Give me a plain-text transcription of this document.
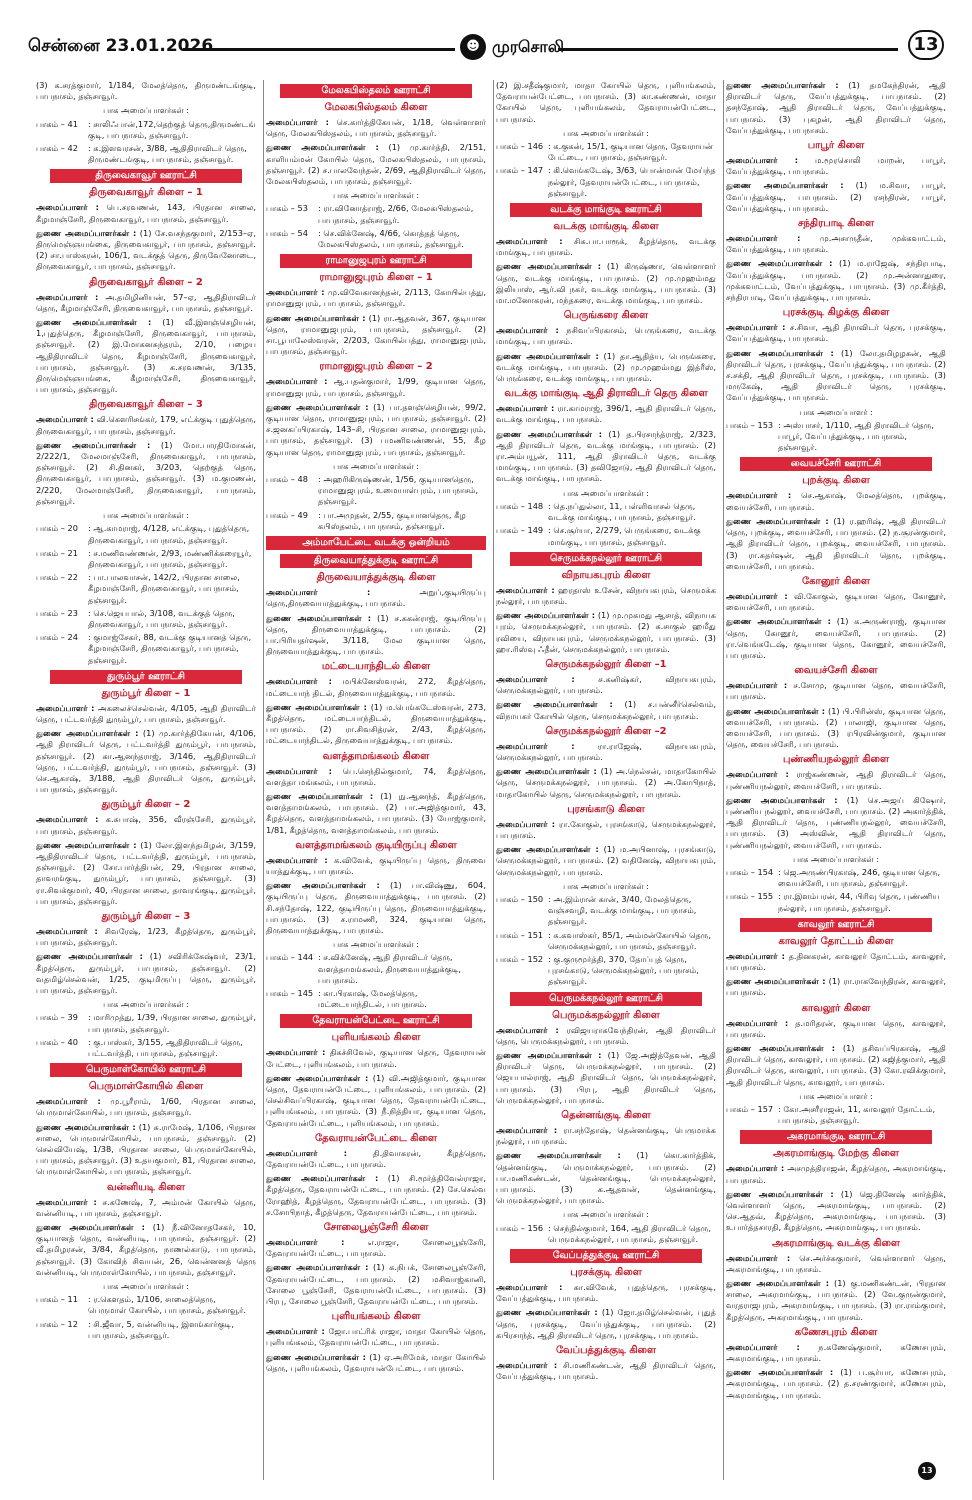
சென்னை 23.01.2026	☻ முரசொலி	13
(3) க.சரத்குமார், 1/184, மேலத்தெரு, திருமண்டங்குடி, பாபநாசம், தஞ்சாவூர்.
பாக அமைப்பாளர்கள் :
பாகம் – 41	: சாலிஃபான்,172,தெற்குத் தெரு,திருமண்டங் குடி, பாபநாசம், தஞ்சாவூர்.
பாகம் – 42	: க.இளவரசன், 3/88, ஆதிதிராவிடர் தெரு, திருமண்டங்குடி, பாபநாசம், தஞ்சாவூர்.
திருவைகாவூர் ஊராட்சி
திருவைகாவூர் கிளை – 1
அமைப்பாளர் : பெ.சரவணன், 143, பிரதான சாலை, கீழமாஞ்சேரி, திருவைகாவூர், பாபநாசம், தஞ்சாவூர்.
துணை அமைப்பாளர்கள் : (1) சே.வசந்தகுமார், 2/153–ஏ, திருமெஞ்ஞயங்கை, திருவைகாவூர், பாபநாசம், தஞ்சாவூர். (2) சா.பாஸ்கரன், 106/1, வடக்குத் தெரு, திருவேனோடை, திருவைகாவூர், பாபநாசம், தஞ்சாவூர்.
திருவைகாவூர் கிளை – 2
அமைப்பாளர் : அ.தமிழினியன், 57–ஏ, ஆதிதிராவிடர் தெரு, கீழமாஞ்சேரி, திருவைகாவூர், பாபநாசம், தஞ்சாவூர்.
துணை அமைப்பாளர்கள் : (1) வீ.இளஞ்செழியன், 1,புதுத்தெரு, கீழமாஞ்சேரி, திருவைகாவூர், பாபநாசம், தஞ்சாவூர். (2) இ.மோகனசுந்தரம், 2/10, பழைய ஆதிதிராவிடர் தெரு, கீழமாஞ்சேரி, திருவைகாவூர், பாபநாசம், தஞ்சாவூர். (3) க.சரவணன், 3/135, திருமெஞ்ஞயங்கை, கீழமாஞ்சேரி, திருவைகாவூர், பாபநாசம், தஞ்சாவூர்.
திருவைகாவூர் கிளை – 3
அமைப்பாளர் : வி.கௌரிசங்கர், 179, எட்க்குடி புதுத்தெரு, திருவைகாவூர், பாபநாசம், தஞ்சாவூர்.
துணை அமைப்பாளர்கள் : (1) மோ.பாரதிமோகன், 2/222/1, மேலமாஞ்சேரி, திருவைகாவூர், பாபநாசம், தஞ்சாவூர். (2) சி.தினகர், 3/203, தெற்குத் தெரு, திருவைகாவூர், பாபநாசம், தஞ்சாவூர். (3) ம.குமணன், 2/220, மேலமாஞ்சேரி, திருவைகாவூர், பாபநாசம், தஞ்சாவூர்.
பாக அமைப்பாளர்கள் :
பாகம் – 20	: ஆ.காமராஜ், 4/128, எட்க்குடி, புதுத்தெரு, திருவைகாவூர், பாபநாசம், தஞ்சாவூர்.
பாகம் – 21	: ச.மணிவண்ணன், 2/93, மண்ணிக்கரையூர், திருவைகாவூர், பாபநாசம், தஞ்சாவூர்.
பாகம் – 22	: பா.பாலவாசன், 142/2, பிரதான சாலை, கீழமாஞ்சேரி, திருவைகாவூர், பாபநாசம், தஞ்சாவூர்.
பாகம் – 23	: செ.ஜெயபால், 3/108, வடக்குத் தெரு, திருவைகாவூர், பாபநாசம், தஞ்சாவூர்.
பாகம் – 24	: குமாஜ்சேகர், 88, வடக்கு குடியானத் தெரு, கீழமாஞ்சேரி, திருவைகாவூர், பாபநாசம், தஞ்சாவூர்.
துரும்பூர் ஊராட்சி
துரும்பூர் கிளை – 1
அமைப்பாளர் : அகலைச்செல்வன், 4/105, ஆதி திராவிடர் தெரு, பட்டவர்த்தி துரும்பூர், பாபநாசம், தஞ்சாவூர்.
துணை அமைப்பாளர்கள் : (1) மு.கார்த்திகேயன், 4/106, ஆதி திராவிடர் தெரு, பட்டவர்த்தி துரும்பூர், பாபநாசம், தஞ்சாவூர். (2) கா.ஆனந்தராஜ், 3/146, ஆதிதிராவிடர் தெரு, பட்டவர்த்தி, துரும்பூர், பாபநாசம், தஞ்சாவூர். (3) செ.ஆகாஷ், 3/188, ஆதி திராவிடர் தெரு, துரும்பூர், பாபநாசம், தஞ்சாவூர்.
துரும்பூர் கிளை – 2
அமைப்பாளர் : க.சுபாஷ், 356, வீரஞ்சேரி, துரும்பூர், பாபநாசம், தஞ்சாவூர்.
துணை அமைப்பாளர்கள் : (1) லோ.இளந்தமிழன், 3/159, ஆதிதிராவிடர் தெரு, பட்டவர்த்தி, துரும்பூர், பாபநாசம், தஞ்சாவூர். (2) சோ.பார்த்திபன், 29, பிரதான சாலை, தாவரங்குடி, துரும்பூர், பாபநாசம், தஞ்சாவூர். (3) ரா.சிவக்குமார், 40, பிரதான சாலை, தாவரங்குடி, துரும்பூர், பாபநாசம், தஞ்சாவூர்.
துரும்பூர் கிளை – 3
அமைப்பாளர் : சிவரேஷ், 1/23, கீழத்தெரு, துரும்பூர், பாபநாசம், தஞ்சாவூர்.
துணை அமைப்பாளர்கள் : (1) சவிரிக்கேஷ்வர், 23/1, கீழத்தெரு, துரும்பூர், பாபநாசம், தஞ்சாவூர். (2) வதமிழ்செல்வன், 1/25, குடிமிருப்பு தெரு, துரும்பூர், பாபநாசம், தஞ்சாவூர்.
பாக அமைப்பாளர்கள் :
பாகம் – 39	: மாரிமுத்து, 1/39, பிரதான சாலை, துரும்பூர், பாபநாசம், தஞ்சாவூர்.
பாகம் – 40	: கு.பாஸ்கர், 3/155, ஆதிதிராவிடர் தெரு, பட்டவர்த்தி, பாபநாசம், தஞ்சாவூர்.
பெருமாள்கோயில் ஊராட்சி
பெருமாள்கோயில் கிளை
அமைப்பாளர் : மு.பூரீராம், 1/60, பிரதான சாலை, பெருமாள்கோயில், பாபநாசம், தஞ்சாவூர்.
துணை அமைப்பாளர்கள் : (1) சு.ராமேஷ், 1/106, பிரதான சாலை, பெருமாள்கோயில், பாபநாசம், தஞ்சாவூர். (2) செல்வியேஷ், 1/38, பிரதான சாலை, பெருமாள்கோயில், பாபநாசம், தஞ்சாவூர். (3) உதயகுமார், 81, பிரதான சாலை, பெருமாள்கோயில், பாபநாசம், தஞ்சாவூர்.
வன்னியடி கிளை
அமைப்பாளர் : ச.கணேஷ், 7, அம்மன் கோயில் தெரு, வன்னியடி, பாபநாசம், தஞ்சாவூர்.
துணை அமைப்பாளர்கள் : (1) நீ.வினோதசேகர், 10, குடியானத் தெரு, வன்னியடி, பாபநாசம், தஞ்சாவூர். (2) வீ.தமிழரசன், 3/84, கீழத்தெரு, நாணல்காடு, பாபநாசம், தஞ்சாவூர். (3) கோவிந் சிவயன், 26, வென்னனத் தெரு வன்னியடி, பெருமாள்கோயில், பாபநாசம், தஞ்சாவூர்.
பாக அமைப்பாளர்கள் :
பாகம் – 11	: ர.கௌதம், 1/106, சாலைத்தெரு, பெருமாள் கோயில், பாபநாசம், தஞ்சாவூர்.
பாகம் – 12	: சி.ஜீவா, 5, வன்னியடி, இளங்கார்குடி, பாபநாசம், தஞ்சாவூர்.
மேலகபிஸ்தலம் ஊராட்சி
மேலகபிஸ்தலம் கிளை
அமைப்பாளர் : செ.கார்த்திகேயன், 1/18, வெள்ளாளர் தெரு, மேலகபிஸ்தலம், பாபநாசம், தஞ்சாவூர்.
துணை அமைப்பாளர்கள் : (1) மு.கார்த்தி, 2/151, காளியம்மன் கோயில் தெரு, மேலகபிஸ்தலம், பாபநாசம், தஞ்சாவூர். (2) ச.பாலவேந்தன், 2/69, ஆதிதிராவிடர் தெரு, மேலகபிஸ்தலம், பாபநாசம், தஞ்சாவூர்.
பாக அமைப்பாளர்கள் :
பாகம் – 53	: ரா.வினோத்ராஜ், 2/66, மேலகபிஸ்தலம், பாபநாசம், தஞ்சாவூர்.
பாகம் – 54	: செ.விக்னேஷ், 4/66, கொத்தத் தெரு, மேலகபிஸ்தலம், பாபநாசம், தஞ்சாவூர்.
ராமானுஜபுரம் ஊராட்சி
ராமானுஜபுரம் கிளை – 1
அமைப்பாளர் : மு.விவேகானந்தன், 2/113, கோயில்பத்து, ராமானுஜபுரம், பாபநாசம், தஞ்சாவூர்.
துணை அமைப்பாளர்கள் : (1) ரா.ஆதவன், 367, குடியான தெரு, ராமானுஜபுரம், பாபநாசம், தஞ்சாவூர். (2) சா.பூபாலேஸ்வரன், 2/203, கோயில்பத்து, ராமானுஜபுரம், பாபநாசம், தஞ்சாவூர்.
ராமானுஜபுரம் கிளை – 2
அமைப்பாளர் : ஆ.பதன்குமார், 1/99, குடியான தெரு, ராமானுஜபுரம், பாபநாசம், தஞ்சாவூர்.
துணை அமைப்பாளர்கள் : (1) பா.தளஞ்செழியன், 99/2, குடியான தெரு, ராமானுஜபுரம், பாபநாசம், தஞ்சாவூர். (2) ச.ஜனகப்பிரகாஷ், 143–சி, பிரதான சாலை, ராமானுஜபுரம், பாபநாசம், தஞ்சாவூர். (3) பமணிவண்ணன், 55, கீழ குடியான தெரு, ராமானுஜபுரம், பாபநாசம், தஞ்சாவூர்.
பாக அமைப்பாளர்கள் :
பாகம் – 48	: அஹரிகிருஷ்ணன், 1/56, குடியானதெரு, ராமானுஜபுரம், உமையாள்புரம், பாபநாசம், தஞ்சாவூர்.
பாகம் – 49	: பா.அமுதன், 2/55, குடியானதெரு, கீழ கபிஸ்தலம், பாபநாசம், தஞ்சாவூர்.
அம்மாபேட்டை வடக்கு ஒன்றியம்
திருவையாத்துக்குடி ஊராட்சி
திருவையாத்துக்குடி கிளை
அமைப்பாளர் : அறுப்,குடியிருப்பு தெரு,திருவையாத்துக்குடி, பாபநாசம்.
துணை அமைப்பாளர்கள் : (1) ச.சுகன்ராஜ், குடியிருப்பு தெரு, திருவையாத்துக்குடி, பாபநாசம். (2) பா.பிரியதர்ஷன், 3/118, மேல குடியான தெரு, திருவையாத்துக்குடி, பாபநாசம்.
மட்டையாந்திடல் கிளை
அமைப்பாளர் : மபிக்னேஸ்வரன், 272, கீழத்தெரு, மட்டையாந் திடல், திருவையாத்துக்குடி, பாபநாசம்.
துணை அமைப்பாளர்கள் : (1) ம.பெங்கடேஸ்வரன், 273, கீழத்தெரு, மட்டையாந்திடல், திருவையாத்துக்குடி, பாபநாசம். (2) ரா.சிவசித்ரன், 2/43, கீழத்தெரு, மட்டையாந்திடல், திருவையாத்துக்குடி, பாபநாசம்.
வளத்தாமங்கலம் கிளை
அமைப்பாளர் : பெ.செந்தில்குமார், 74, கீழத்தெரு, வளத்தா மங்கலம், பாபநாசம்.
துணை அமைப்பாளர்கள் : (1) நு.ஆனந்த், கீழத்தெரு, வளத்தாமங்கலம், பாபநாசம். (2) பா.அஜித்குமார், 43, கீழத்தெரு, வளத்தாமங்கலம், பாபநாசம். (3) யோஜ்குமார், 1/81, கீழத்தெரு, வளத்தாமங்கலம், பாபநாசம்.
வளத்தாமங்கலம் குடியிருப்பு கிளை
அமைப்பாளர் : க.விவேக், குடியிருப்பு தெரு, திருவை யாத்துக்குடி, பாபநாசம்.
துணை அமைப்பாளர்கள் : (1) பா.விஷ்ணு, 604, குடியிருப்பு தெரு, திருவையாத்துக்குடி, பாபநாசம். (2) சி.சந்தோஷ், 122, குடியிருப்பு தெரு, திருவையாத்துக்குடி, பாபநாசம். (3) ச.ராமணி, 324, குடியான தெரு, திருவையாத்துக்குடி, பாபநாசம்.
பாக அமைப்பாளர்கள் :
பாகம் – 144 : ச.விக்னேஷ், ஆதி திராவிடர் தெரு, வளத்தாமங்கலம், திருவையாத்துக்குடி, பாபநாசம்.
பாகம் – 145 : கா.பிரகாஷ், மேலத்தெரு, மட்டையாந்திடல், பாபநாசம்.
தேவராயன்பேட்டை ஊராட்சி
புளியங்கலம் கிளை
அமைப்பாளர் : திகச்சிவேல், குடியான தெரு, தேவராயன் பேட்டை, புளியங்கலம், பாபநாசம்.
துணை அமைப்பாளர்கள் : (1) வி.அஜித்குமார், குடியான தெரு, தேவராயன்பேட்டை, புளியங்கலம், பாபநாசம். (2) செல்சிவப்பிரகாஷ், குடியான தெரு, தேவராயன்பேட்டை, புளியங்கலம், பாபநாசம். (3) நீ.நித்தியா, குடியான தெரு, தேவராயன்பேட்டை, புளியங்கலம், பாபநாசம்.
தேவராயன்பேட்டை கிளை
அமைப்பாளர் : தி.திவாகரன், கீழத்தெரு, தேவராயன்பேட்டை, பாபநாசம்.
துணை அமைப்பாளர்கள் : (1) சி.மூர்த்திவேல்ராஜா, கீழத்தெரு, தேவராயன்பேட்டை, பாபநாசம். (2) சே.செல்வ ரோஹித், கீழத்தெரு, தேவராயன்பேட்டை, பாபநாசம். (3) ச.சோபிநாத், கீழத்தெரு, தேவராயன்பேட்டை, பாபநாசம்.
சோலைபூஞ்சேரி கிளை
அமைப்பாளர் : எ.ராஜா, சோலைபூஞ்சேரி, தேவராயன்பேட்டை, பாபநாசம்.
துணை அமைப்பாளர்கள் : (1) க.நிபக், சோலைபூஞ்சேரி, தேவராயன்பேட்டை, பாபநாசம். (2) மசிவாஜ்கானி, சோலை பூஞ்சேரி, தேவராயன்பேட்டை, பாபநாசம். (3) பிரபு, சோலை பூஞ்சேரி, தேவராயன்பேட்டை, பாபநாசம்.
புளியங்கலம் கிளை
அமைப்பாளர் : ஜோ.பாட்ரிக் ராஜா, மாதா கோயில் தெரு, புளியங்கலம், தேவராயன்பேட்டை, பாபநாசம்.
துணை அமைப்பாளர்கள் : (1) ஏ.அரிமேக், மாதா கோயில் தெரு, புளியங்கலம், தேவராயன்பேட்டை, பாபநாசம்.
(2) இ.சதீஷ்குமார், மாதா கோயில் தெரு, புளியங்கலம், தேவராயன்பேட்டை, பாபநாசம். (3) கா.கண்ணன், மாதா கோயில் தெரு, புளியங்கலம், தேவராயன்பேட்டை, பாபநாசம்.
பாக அமைப்பாளர்கள் :
பாகம் – 146 : க.குகன், 15/1, குடியான தெரு, தேவராயன் பேட்டை, பாபநாசம், தஞ்சாவூர்.
பாகம் – 147 : கி.வெங்கடேஷ், 3/63, பொன்மான் மேய்ந்த நல்லூர், தேவராயன்பேட்டை, பாபநாசம், தஞ்சாவூர்.
வடக்கு மாங்குடி ஊராட்சி
வடக்கு மாங்குடி கிளை
அமைப்பாளர் : சிக.பா.பாரூக், கீழத்தெரு, வடக்கு மாங்குடி, பாபநாசம்.
துணை அமைப்பாளர்கள் : (1) கிருஷ்ணா, வெள்ளாளர் தெரு, வடக்கு மாங்குடி, பாபநாசம். (2) மு.முஹம்மது இலியாஸ், ஆர்.வி நகர், வடக்கு மாங்குடி, பாபநாசம். (3) மா.மனோகரன், மந்தகரை, வடக்கு மாங்குடி, பாபநாசம்.
பெருங்கரை கிளை
அமைப்பாளர் : நசிவப்பிரகாசம், பெருங்கரை, வடக்கு மாங்குடி, பாபநாசம்.
துணை அமைப்பாளர்கள் : (1) தா.ஆதித்ய, பெருங்கரை, வடக்கு மாங்குடி, பாபநாசம். (2) மு.முஹம்மது இத்ரீஸ், பெருங்கரை, வடக்கு மாங்குடி, பாபநாசம்.
வடக்கு மாங்குடி ஆதி திராவிடர் தெரு கிளை
அமைப்பாளர் : ரா.காமராஜ், 396/1, ஆதி திராவிடர் தெரு, வடக்கு மாங்குடி, பாபநாசம்.
துணை அமைப்பாளர்கள் : (1) த.பிரசாந்த்ராஜ், 2/323, ஆதி திராவிடர் தெரு, வடக்கு மாங்குடி, பாபநாசம். (2) ரா.அம்பயூன், 111, ஆதி திராவிடர் தெரு, வடக்கு மாங்குடி, பாபநாசம். (3) தவிஜோடு, ஆதி திராவிடர் தெரு, வடக்கு மாங்குடி, பாபநாசம்.
பாக அமைப்பாளர்கள் :
பாகம் – 148 : தெ.நப்துல்லா, 11, பள்ளிவாசல் தெரு, வடக்கு மாங்குடி, பாபநாசம், தஞ்சாவூர்.
பாகம் – 149 : செ.சூர்யா, 2/279, பெருங்கரை, வடக்கு மாங்குடி, பாபநாசம், தஞ்சாவூர்.
செருமக்கநல்லூர் ஊராட்சி
விநாயகபுரம் கிளை
அமைப்பாளர் : ஹரதாஸ் உசேன், விநாயகபுரம், செருமக்க நல்லூர், பாபநாசம்.
துணை அமைப்பாளர்கள் : (1) மு.முகமது ஆசாத், விநாயக புரம், செருமக்கநல்லூர், பாபநாசம். (2) க.சாகுல் ஹமீது ரவியை, விநாயகபுரம், செருமக்கநல்லூர், பாபநாசம். (3) ஹா.ரிஸ்வு ஃதீன், செருமக்கநல்லூர், பாபநாசம்.
செருமக்கநல்லூர் கிளை –1
அமைப்பாளர் : ச.கனிஷ்கர், விநாயகபுரம், செருமக்கநல்லூர், பாபநாசம்.
துணை அமைப்பாளர்கள் : (1) ச.பன்னீர்செல்வம், விநாயகர் கோயில் தெரு, செருமக்கநல்லூர், பாபநாசம்.
செருமக்கநல்லூர் கிளை –2
அமைப்பாளர் : ரா.ராஜேஷ், விநாயகபுரம், செருமக்கநல்லூர், பாபநாசம்.
துணை அமைப்பாளர்கள் : (1) அ.நெல்சன், மாதாகோயில் தெரு, செருமக்கநல்லூர், பாபநாசம். (2) அ.கோபிநாத், மாதாகோயில் தெரு, செருமக்கநல்லூர், பாபநாசம்.
புரசங்காடு கிளை
அமைப்பாளர் : ரா.கோகுல், புரசங்காடு, செருமக்கநல்லூர், பாபநாசம்.
துணை அமைப்பாளர்கள் : (1) ம.அபினாஷ், புரசங்காடு, செருமக்கநல்லூர், பாபநாசம். (2) வதினேஷ், விநாயகபுரம், செருமக்கநல்லூர், பாபநாசம்.
பாக அமைப்பாளர்கள் :
பாகம் – 150 : அ.இம்ரான் கான், 3/40, மேலத்தெரு, வஞ்சவழி, வடக்கு மாங்குடி, பாபநாசம், தஞ்சாவூர்.
பாகம் – 151 : சு.கவாஸ்கர், 85/1, அம்மன்கோயில் தெரு, செருமக்கநல்லூர், பாபநாசம், தஞ்சாவூர்.
பாகம் – 152 : கு.குருமூர்த்தி, 370, தோப்புத் தெரு, புரசங்காடு, செருமக்கநல்லூர், பாபநாசம், தஞ்சாவூர்.
பெருமக்கநல்லூர் ஊராட்சி
பெருமக்கநல்லூர் கிளை
அமைப்பாளர் : ரவிஜயராகவேந்திரன், ஆதி திராவிடர் தெரு, பெருமக்கநல்லூர், பாபநாசம்.
துணை அமைப்பாளர்கள் : (1) ஜே.அஜித்தேவன், ஆதி திராவிடர் தெரு, பெருமக்கநல்லூர், பாபநாசம். (2) ஜெயபால்ராஜ், ஆதி திராவிடர் தெரு, பெருமக்கநல்லூர், பாபநாசம். (3) பிரபு, ஆதி திராவிடர் தெரு, பெருமக்கநல்லூர், பாபநாசம்.
தென்னங்குடி கிளை
அமைப்பாளர் : ரா.சந்தோஷ், தென்னங்குடி, பெருமாக்க நல்லூர், பாபநாசம்.
துணை அமைப்பாளர்கள் : (1) கொ.கார்த்திக், தென்னங்குடி, பெருமாக்கநல்லூர், பாபநாசம். (2) பா.மணிகண்டன், தென்னங்குடி, பெருமக்கநல்லூர், பாபநாசம். (3) க.ஆதவன், தென்னங்குடி, பெருமக்கநல்லூர், பாபநாசம்.
பாக அமைப்பாளர்கள் :
பாகம் – 156 : செந்தில்குமார், 164, ஆதி திராவிடர் தெரு, பெருமக்கநல்லூர், பாபநாசம், தஞ்சாவூர்.
வேப்பத்துக்குடி ஊராட்சி
புரசக்குடி கிளை
அமைப்பாளர் : கா.விவேக், புதுத்தெரு, புரசக்குடி, வேப்பத்துக்குடி, பாபநாசம்.
துணை அமைப்பாளர்கள் : (1) ஜோ.தமிழ்செல்வன், புதுத் தெரு, புரசக்குடி, வேப்பத்துக்குடி, பாபநாசம். (2) கபிரசாந்த், ஆதி திராவிடர் தெரு, புரசக்குடி, பாபநாசம்.
வேப்பத்துக்குடி கிளை
அமைப்பாளர் : சி.மணிகண்டன், ஆதி திராவிடர் தெரு, வேப்பத்துக்குடி, பாபநாசம்.
துணை அமைப்பாளர்கள் : (1) தமகேந்திரன், ஆதி திராவிடர் தெரு, வேப்பத்துக்குடி, பாபநாசம். (2) தசந்தோஷ், ஆதி திராவிடர் தெரு, வேப்பத்துக்குடி, பாபநாசம். (3) புகழன், ஆதி திராவிடர் தெரு, வேப்பத்துக்குடி, பாபநாசம்.
பாபூர் கிளை
அமைப்பாளர் : ம.மூரசொலி மாறன், பாபூர், வேப்பத்துக்குடி, பாபநாசம்.
துணை அமைப்பாளர்கள் : (1) ம.சிவா, பாபூர், வேப்பத்துக்குடி, பாபநாசம். (2) ரசந்திரன், பாபூர், வேப்பத்துக்குடி, பாபநாசம்.
சந்திரபாடி கிளை
அமைப்பாளர் : மு.அசாருதீன், முக்கவாட்டம், வேப்பத்துக்குடி, பாபநாசம்.
துணை அமைப்பாளர்கள் : (1) ம.ராஜேஷ், சந்திரபாடி, வேப்பத்துக்குடி, பாபநாசம். (2) மு.அன்னாதுரை, முக்கவாட்டம், வேப்பத்துக்குடி, பாபநாசம். (3) மு.கீர்த்தி, சந்திரபாடி, வேப்பத்துக்குடி, பாபநாசம்.
புரசக்குடி கிழக்கு கிளை
அமைப்பாளர் : ச.சிவா, ஆதி திராவிடர் தெரு, புரசக்குடி, வேப்பத்துக்குடி, பாபநாசம்.
துணை அமைப்பாளர்கள் : (1) லோ.தமிழழகன், ஆதி திராவிடர் தெரு, புரசக்குடி, வேப்பத்துக்குடி, பாபநாசம். (2) ச.சக்தி, ஆதி திராவிடர் தெரு, புரசக்குடி, பாபநாசம். (3) மருகேஷ், ஆதி திராவிடர் தெரு, புரசக்குடி, வேப்பத்துக்குடி, பாபநாசம்.
பாக அமைப்பாளர் :
பாகம் – 153 : அஸ்பாசர், 1/110, ஆதி திராவிடர் தெரு, பாபூர், வேப்பத்துக்குடி, பாபநாசம், தஞ்சாவூர்.
வையச்சேரி ஊராட்சி
புறக்குடி கிளை
அமைப்பாளர் : செ.ஆகாஷ், மேலத்தெரு, புறக்குடி, வையச்சேரி, பாபநாசம்.
துணை அமைப்பாளர்கள் : (1) ர.ஹரிஷ், ஆதி திராவிடர் தெரு, புறக்குடி, வையச்சேரி, பாபநாசம். (2) ந.சூரன்குமார், ஆதி திராவிடர் தெரு, புறக்குடி, வையச்சேரி, பாபநாசம். (3) ரா.சுதர்ஷன், ஆதி திராவிடர் தெரு, புறக்குடி, வையச்சேரி, பாபநாசம்.
கோனூர் கிளை
அமைப்பாளர் : வி.கோகுல், குடியான தெரு, கோனூர், வையச்சேரி, பாபநாசம்.
துணை அமைப்பாளர்கள் : (1) க.அருண்ராஜ், குடியான தெரு, கோனூர், வையச்சேரி, பாபநாசம். (2) ரா.வெங்கடேஷ், குடியான தெரு, கோனூர், வையச்சேரி, பாபநாசம்.
வையச்சேரி கிளை
அமைப்பாளர் : ச.சோமு, குடியான தெரு, வையச்சேரி, பாபநாசம்.
துணை அமைப்பாளர்கள் : (1) பி.பிரின்ஸ், குடியான தெரு, வையச்சேரி, பாபநாசம். (2) பாலாஜி, குடியான தெரு, வையச்சேரி, பாபநாசம். (3) ரபிரவின்குமார், குடியான தெரு, வையச்சேரி, பாபநாசம்.
புண்ணியநல்லூர் கிளை
அமைப்பாளர் : ராஜ்கண்ணன், ஆதி திராவிடர் தெரு, புண்ணியநல்லூர், வையச்சேரி, பாபநாசம்.
துணை அமைப்பாளர்கள் : (1) செ.அஜய் கிஷோர், புண்ணிய நல்லூர், வையச்சேரி, பாபநாசம். (2) அகார்த்திக், ஆதி திராவிடர் தெரு, புண்ணியநல்லூர், வையச்சேரி, பாபநாசம். (3) அஸ்வின், ஆதி திராவிடர் தெரு, புண்ணியநல்லூர், வையச்சேரி, பாபநாசம்.
பாக அமைப்பாளர்கள் :
பாகம் – 154 : ஜெ.அருண்பிரகாஷ், 246, குடியான தெரு, வையச்சேரி, பாபநாசம், தஞ்சாவூர்.
பாகம் – 155 : ரா.இளம்பரன், 44, பிரிவு தெரு, புண்ணிய நல்லூர், பாபநாசம், தஞ்சாவூர்.
காவலூர் ஊராட்சி
காவலூர் தோட்டம் கிளை
அமைப்பாளர் : த.தினகரன், காவலூர் தோட்டம், காவலூர், பாபநாசம்.
துணை அமைப்பாளர்கள் : (1) ரா.ராகவேந்திரன், காவலூர், பாபநாசம்.
காவலூர் கிளை
அமைப்பாளர் : த.மரிதரன், குடியான தெரு, காவலூர், பாபநாசம்.
துணை அமைப்பாளர்கள் : (1) தசிவப்பிரகாஷ், ஆதி திராவிடர் தெரு, காவலூர், பாபநாசம். (2) சுஜித்குமார், ஆதி திராவிடர் தெரு, காவலூர், பாபநாசம். (3) கோ.ரவிக்குமார், ஆதி திராவிடர் தெரு, காவலூர், பாபநாசம்.
பாக அமைப்பாளர் :
பாகம் – 157 : கோ.அசரீராஜன், 11, காவலூர் தோட்டம், பாபநாசம், தஞ்சாவூர்.
அகரமாங்குடி ஊராட்சி
அகரமாங்குடி மேற்கு கிளை
அமைப்பாளர் : அசமுத்திராஜன், கீழத்தெரு, அகரமாங்குடி, பாபநாசம்.
துணை அமைப்பாளர்கள் : (1) ஜெ.தினேஷ் கார்த்திக், வெள்ளாளர் தெரு, அகரமாங்குடி, பாபநாசம். (2) செ.ஆதவ், கீழத்தெரு, அகரமாங்குடி, பாபநாசம். (3) உபார்த்தசாரதி, கீழத்தெரு, அகரமாங்குடி, பாபநாசம்.
அகரமாங்குடி வடக்கு கிளை
அமைப்பாளர் : செ.அர்ச்சுகுமார், வெள்ளாளர் தெரு, அகரமாங்குடி, பாபநாசம்.
துணை அமைப்பாளர்கள் : (1) கு.மணிகண்டன், பிரதான சாலை, அகரமாங்குடி, பாபநாசம். (2) வே.குருன்குமார், வரதராஜபுரம், அகரமாங்குடி, பாபநாசம். (3) ரா.ராம்குமார், கீழத்தெரு, அகரமாங்குடி, பாபநாசம்.
கணேசபுரம் கிளை
அமைப்பாளர் : ந.கணேஷ்குமார், கணேசபுரம், அகரமாங்குடி, பாபநாசம்.
துணை அமைப்பாளர்கள் : (1) ப.சூர்யா, கணேசபுரம், அகரமாங்குடி, பாபநாசம். (2) த.சரண்குமார், கணேசபுரம், அகரமாங்குடி, பாபநாசம்.
13
